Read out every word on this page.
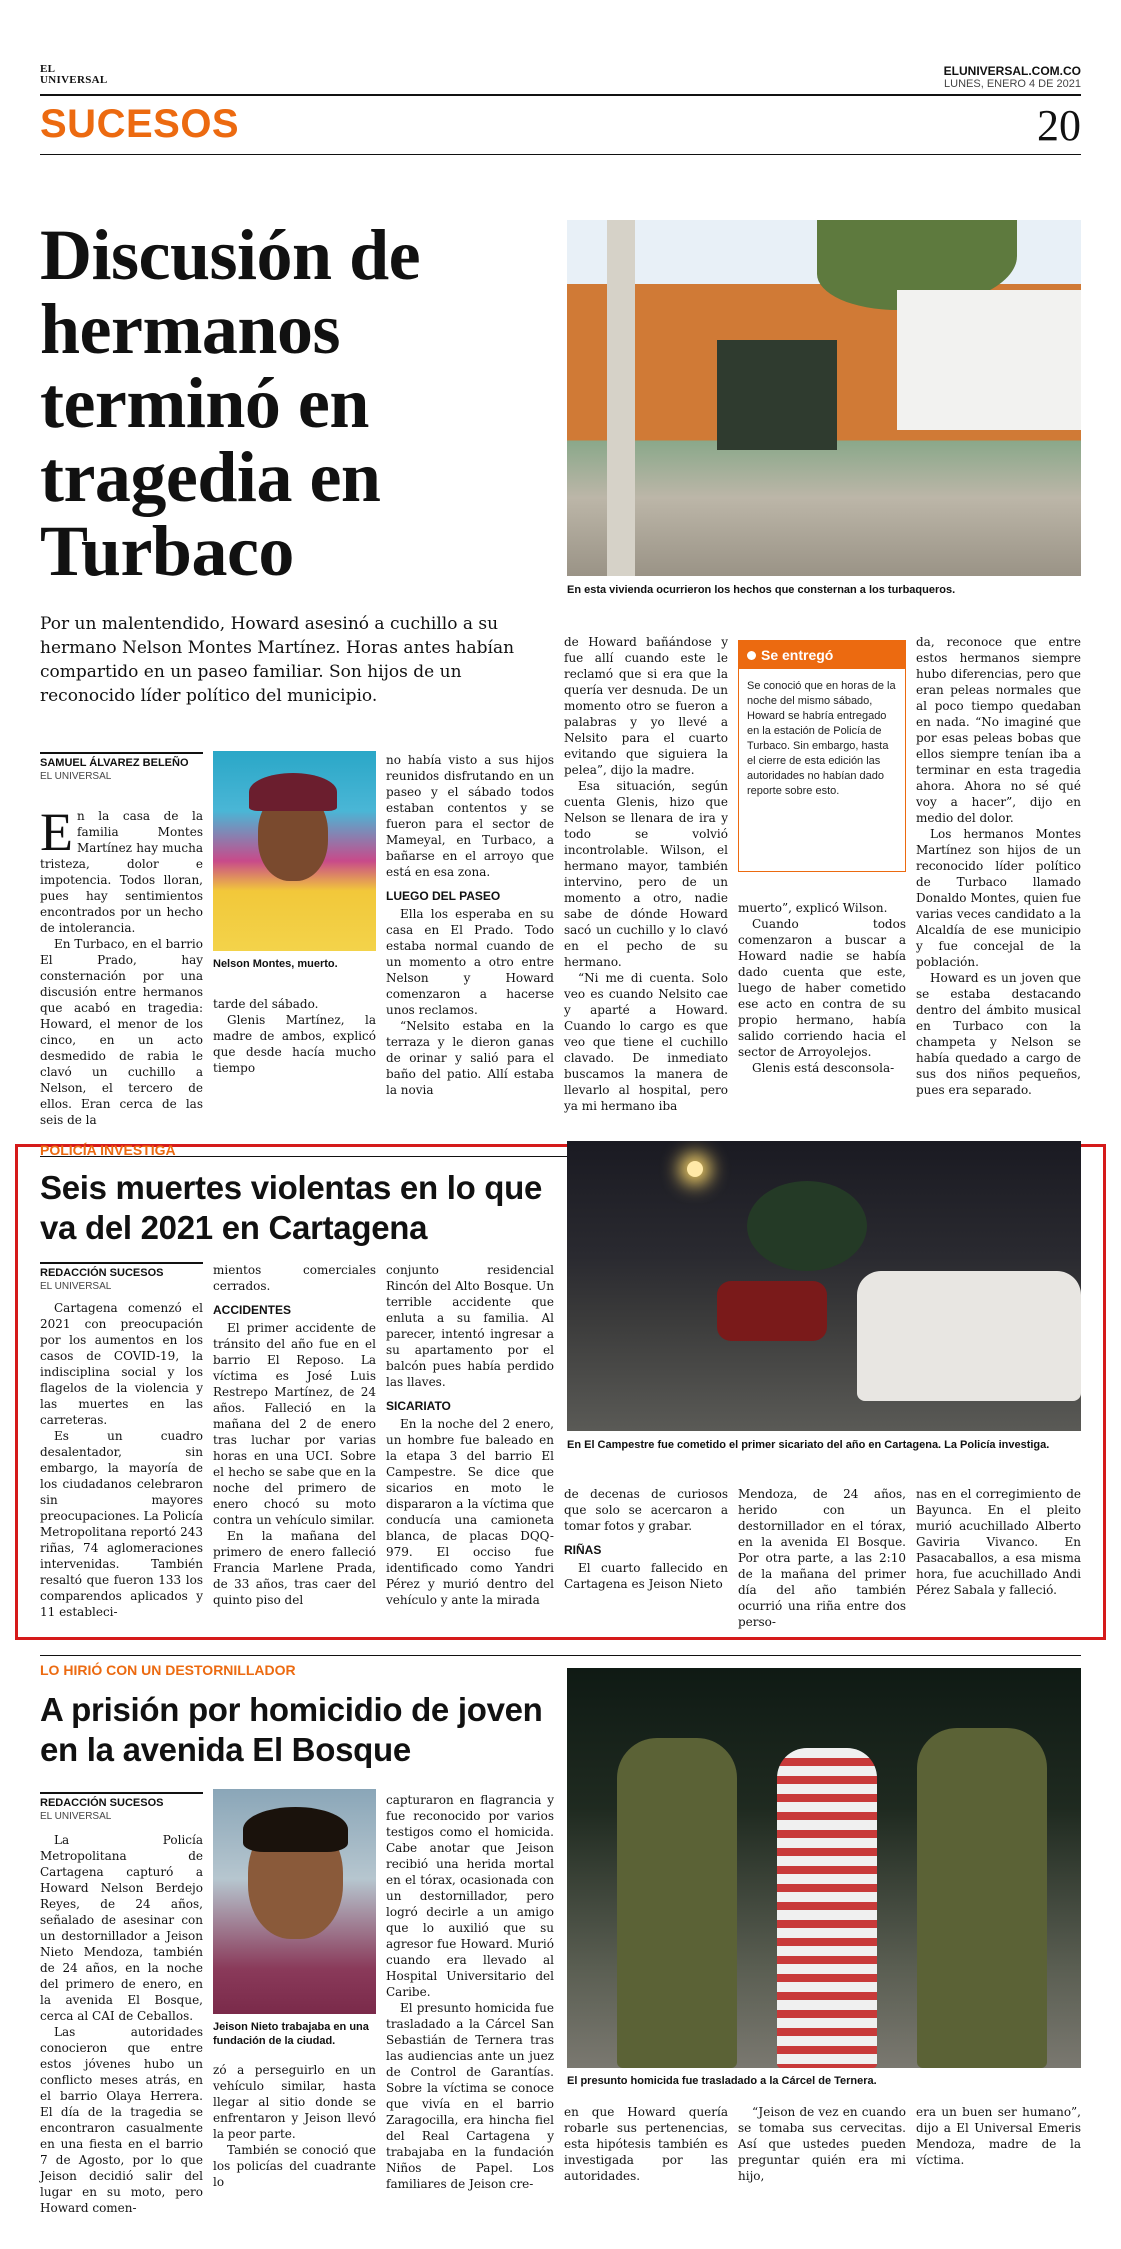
EL UNIVERSAL
ELUNIVERSAL.COM.CO
LUNES, ENERO 4 DE 2021
SUCESOS	20
Discusión de hermanos terminó en tragedia en Turbaco	En esta vivienda ocurrieron los hechos que consternan a los turbaqueros.

Por un malentendido, Howard asesinó a cuchillo a su hermano Nelson Montes Martínez. Horas antes habían compartido en un paseo familiar. Son hijos de un reconocido líder político del municipio.

SAMUEL ÁLVAREZ BELEÑO
EL UNIVERSAL

En la casa de la familia Montes Martínez hay mucha tristeza, dolor e impotencia. Todos lloran, pues hay sentimientos encontrados por un hecho de intolerancia.

En Turbaco, en el barrio El Prado, hay consternación por una discusión entre hermanos que acabó en tragedia: Howard, el menor de los cinco, en un acto desmedido de rabia le clavó un cuchillo a Nelson, el tercero de ellos. Eran cerca de las seis de la

Nelson Montes, muerto.

tarde del sábado.

Glenis Martínez, la madre de ambos, explicó que desde hacía mucho tiempo

no había visto a sus hijos reunidos disfrutando en un paseo y el sábado todos estaban contentos y se fueron para el sector de Mameyal, en Turbaco, a bañarse en el arroyo que está en esa zona.

LUEGO DEL PASEO

Ella los esperaba en su casa en El Prado. Todo estaba normal cuando de un momento a otro entre Nelson y Howard comenzaron a hacerse unos reclamos.

“Nelsito estaba en la terraza y le dieron ganas de orinar y salió para el baño del patio. Allí estaba la novia

de Howard bañándose y fue allí cuando este le reclamó que si era que la quería ver desnuda. De un momento otro se fueron a palabras y yo llevé a Nelsito para el cuarto evitando que siguiera la pelea”, dijo la madre.

Esa situación, según cuenta Glenis, hizo que Nelson se llenara de ira y todo se volvió incontrolable. Wilson, el hermano mayor, también intervino, pero de un momento a otro, nadie sabe de dónde Howard sacó un cuchillo y lo clavó en el pecho de su hermano.

“Ni me di cuenta. Solo veo es cuando Nelsito cae y aparté a Howard. Cuando lo cargo es que veo que tiene el cuchillo clavado. De inmediato buscamos la manera de llevarlo al hospital, pero ya mi hermano iba

Se entregó
Se conoció que en horas de la noche del mismo sábado, Howard se habría entregado en la estación de Policía de Turbaco. Sin embargo, hasta el cierre de esta edición las autoridades no habían dado reporte sobre esto.

muerto”, explicó Wilson.

Cuando todos comenzaron a buscar a Howard nadie se había dado cuenta que este, luego de haber cometido ese acto en contra de su propio hermano, había salido corriendo hacia el sector de Arroyolejos.

Glenis está desconsola-

da, reconoce que entre estos hermanos siempre hubo diferencias, pero que eran peleas normales que al poco tiempo quedaban en nada. “No imaginé que por esas peleas bobas que ellos siempre tenían iba a terminar en esta tragedia ahora. Ahora no sé qué voy a hacer”, dijo en medio del dolor.

Los hermanos Montes Martínez son hijos de un reconocido líder político de Turbaco llamado Donaldo Montes, quien fue varias veces candidato a la Alcaldía de ese municipio y fue concejal de la población.

Howard es un joven que se estaba destacando dentro del ámbito musical en Turbaco con la champeta y Nelson se había quedado a cargo de sus dos niños pequeños, pues era separado.

POLICÍA INVESTIGA
Seis muertes violentas en lo que va del 2021 en Cartagena
En El Campestre fue cometido el primer sicariato del año en Cartagena. La Policía investiga.
REDACCIÓN SUCESOS
EL UNIVERSAL

Cartagena comenzó el 2021 con preocupación por los aumentos en los casos de COVID-19, la indisciplina social y los flagelos de la violencia y las muertes en las carreteras.

Es un cuadro desalentador, sin embargo, la mayoría de los ciudadanos celebraron sin mayores preocupaciones. La Policía Metropolitana reportó 243 riñas, 74 aglomeraciones intervenidas. También resaltó que fueron 133 los comparendos aplicados y 11 estableci-

mientos comerciales cerrados.

ACCIDENTES

El primer accidente de tránsito del año fue en el barrio El Reposo. La víctima es José Luis Restrepo Martínez, de 24 años. Falleció en la mañana del 2 de enero tras luchar por varias horas en una UCI. Sobre el hecho se sabe que en la noche del primero de enero chocó su moto contra un vehículo similar.

En la mañana del primero de enero falleció Francia Marlene Prada, de 33 años, tras caer del quinto piso del

conjunto residencial Rincón del Alto Bosque. Un terrible accidente que enluta a su familia. Al parecer, intentó ingresar a su apartamento por el balcón pues había perdido las llaves.

SICARIATO

En la noche del 2 enero, un hombre fue baleado en la etapa 3 del barrio El Campestre. Se dice que sicarios en moto le dispararon a la víctima que conducía una camioneta blanca, de placas DQQ-979. El occiso fue identificado como Yandri Pérez y murió dentro del vehículo y ante la mirada

de decenas de curiosos que solo se acercaron a tomar fotos y grabar.

RIÑAS

El cuarto fallecido en Cartagena es Jeison Nieto

Mendoza, de 24 años, herido con un destornillador en el tórax, en la avenida El Bosque. Por otra parte, a las 2:10 de la mañana del primer día del año también ocurrió una riña entre dos perso-

nas en el corregimiento de Bayunca. En el pleito murió acuchillado Alberto Gaviria Vivanco. En Pasacaballos, a esa misma hora, fue acuchillado Andi Pérez Sabala y falleció.

LO HIRIÓ CON UN DESTORNILLADOR
A prisión por homicidio de joven en la avenida El Bosque
El presunto homicida fue trasladado a la Cárcel de Ternera.
REDACCIÓN SUCESOS
EL UNIVERSAL

La Policía Metropolitana de Cartagena capturó a Howard Nelson Berdejo Reyes, de 24 años, señalado de asesinar con un destornillador a Jeison Nieto Mendoza, también de 24 años, en la noche del primero de enero, en la avenida El Bosque, cerca al CAI de Ceballos.

Las autoridades conocieron que entre estos jóvenes hubo un conflicto meses atrás, en el barrio Olaya Herrera. El día de la tragedia se encontraron casualmente en una fiesta en el barrio 7 de Agosto, por lo que Jeison decidió salir del lugar en su moto, pero Howard comen-

Jeison Nieto trabajaba en una fundación de la ciudad.

zó a perseguirlo en un vehículo similar, hasta llegar al sitio donde se enfrentaron y Jeison llevó la peor parte.

También se conoció que los policías del cuadrante lo

capturaron en flagrancia y fue reconocido por varios testigos como el homicida. Cabe anotar que Jeison recibió una herida mortal en el tórax, ocasionada con un destornillador, pero logró decirle a un amigo que lo auxilió que su agresor fue Howard. Murió cuando era llevado al Hospital Universitario del Caribe.

El presunto homicida fue trasladado a la Cárcel San Sebastián de Ternera tras las audiencias ante un juez de Control de Garantías. Sobre la víctima se conoce que vivía en el barrio Zaragocilla, era hincha fiel del Real Cartagena y trabajaba en la fundación Niños de Papel. Los familiares de Jeison cre-

en que Howard quería robarle sus pertenencias, esta hipótesis también es investigada por las autoridades.

“Jeison de vez en cuando se tomaba sus cervecitas. Así que ustedes pueden preguntar quién era mi hijo,

era un buen ser humano”, dijo a El Universal Emeris Mendoza, madre de la víctima.
